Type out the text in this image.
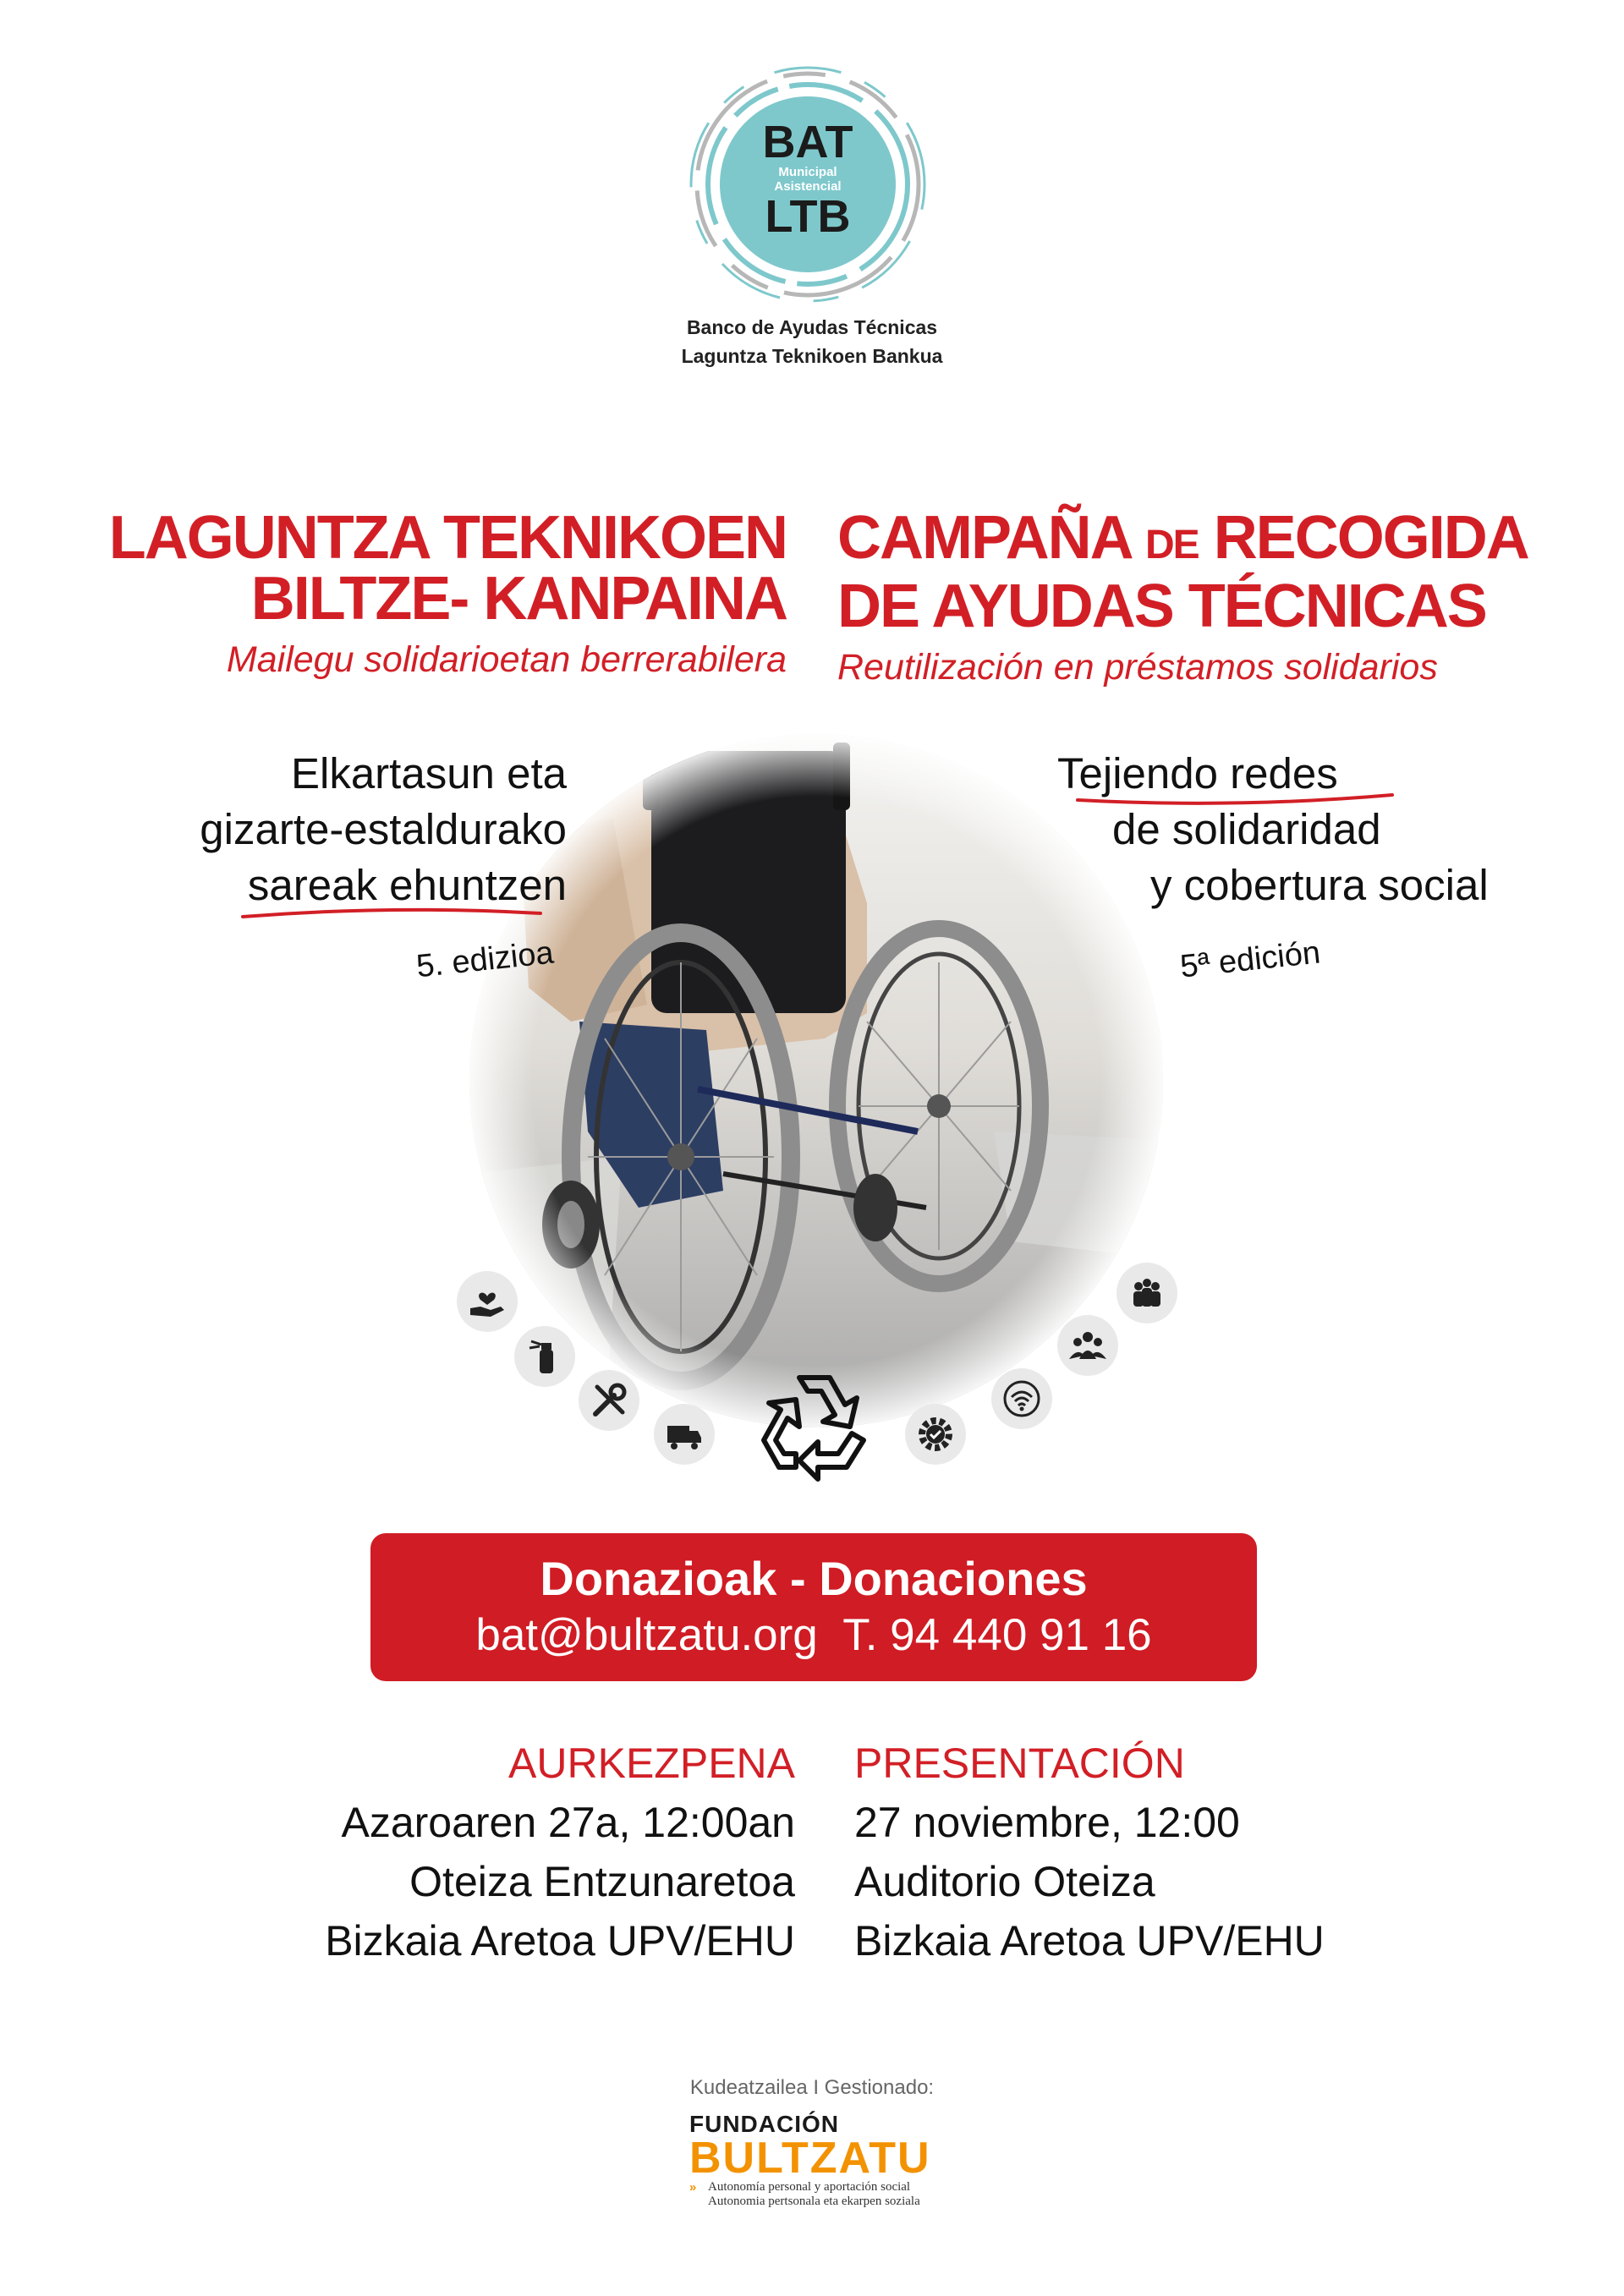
BAT
Municipal
Asistencial
LTB
Banco de Ayudas Técnicas
Laguntza Teknikoen Bankua
LAGUNTZA TEKNIKOEN
BILTZE- KANPAINA
Mailegu solidarioetan berrerabilera
CAMPAÑA DE RECOGIDA
DE AYUDAS TÉCNICAS
Reutilización en préstamos solidarios
Elkartasun eta
gizarte-estaldurako
sareak ehuntzen
5. edizioa
Tejiendo redes
de solidaridad
y cobertura social
5ª edición
Donazioak - Donaciones
bat@bultzatu.org T. 94 440 91 16
AURKEZPENA
Azaroaren 27a, 12:00an
Oteiza Entzunaretoa
Bizkaia Aretoa UPV/EHU
PRESENTACIÓN
27 noviembre, 12:00
Auditorio Oteiza
Bizkaia Aretoa UPV/EHU
Kudeatzailea I Gestionado:
FUNDACIÓN
BULTZATU
» Autonomía personal y aportación social
Autonomia pertsonala eta ekarpen soziala
